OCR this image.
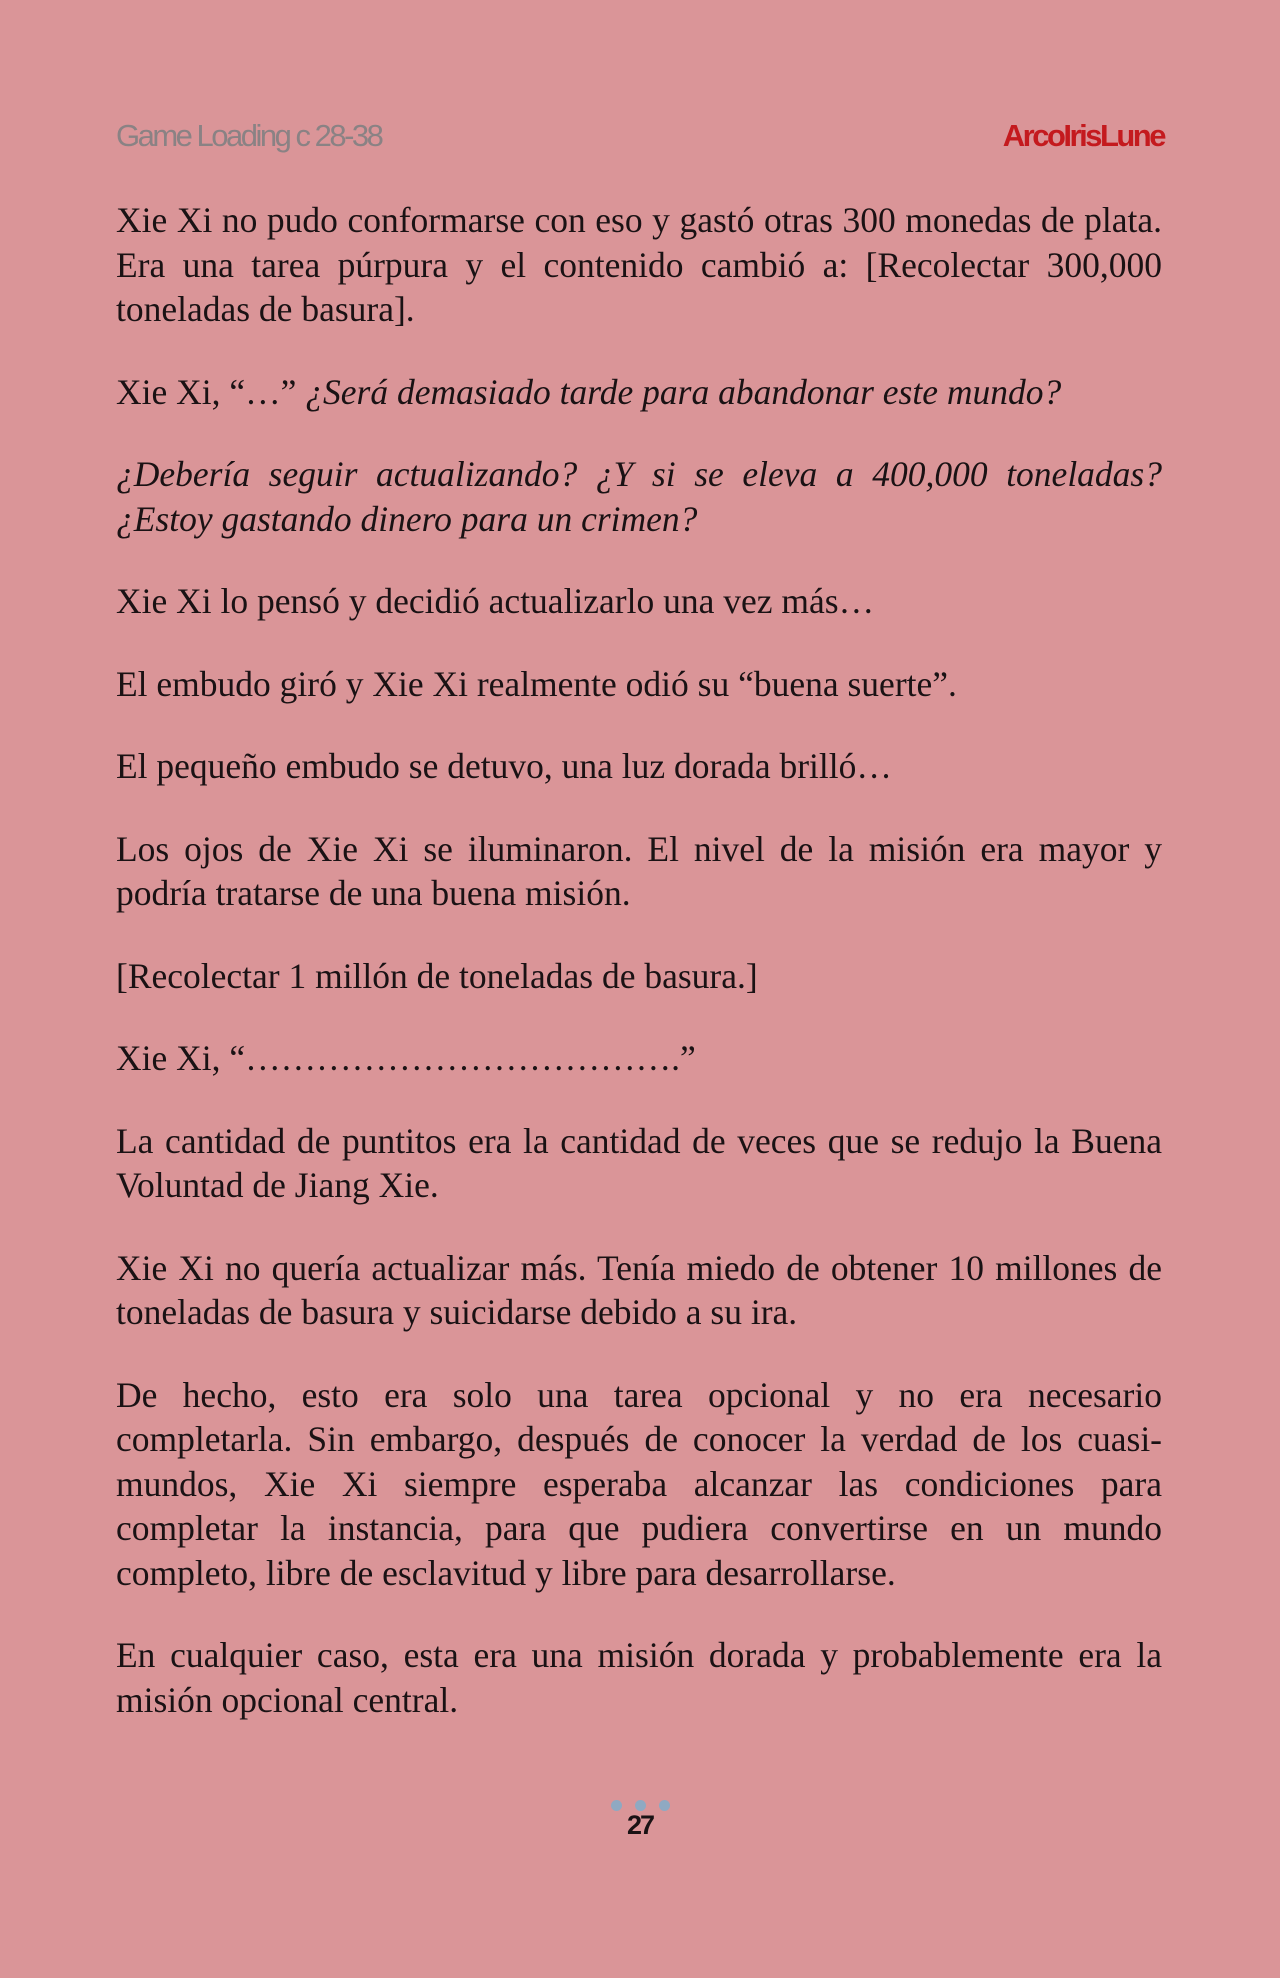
Game Loading c 28-38	ArcoIrisLune

Xie Xi no pudo conformarse con eso y gastó otras 300 monedas de plata. Era una tarea púrpura y el contenido cambió a: [Recolectar 300,000 toneladas de basura].

Xie Xi, “…” ¿Será demasiado tarde para abandonar este mundo?

¿Debería seguir actualizando? ¿Y si se eleva a 400,000 toneladas? ¿Estoy gastando dinero para un crimen?

Xie Xi lo pensó y decidió actualizarlo una vez más…

El embudo giró y Xie Xi realmente odió su “buena suerte”.

El pequeño embudo se detuvo, una luz dorada brilló…

Los ojos de Xie Xi se iluminaron. El nivel de la misión era mayor y podría tratarse de una buena misión.

[Recolectar 1 millón de toneladas de basura.]

Xie Xi, “……………………………….”

La cantidad de puntitos era la cantidad de veces que se redujo la Buena Voluntad de Jiang Xie.

Xie Xi no quería actualizar más. Tenía miedo de obtener 10 millones de toneladas de basura y suicidarse debido a su ira.

De hecho, esto era solo una tarea opcional y no era necesario completarla. Sin embargo, después de conocer la verdad de los cuasi-mundos, Xie Xi siempre esperaba alcanzar las condiciones para completar la instancia, para que pudiera convertirse en un mundo completo, libre de esclavitud y libre para desarrollarse.

En cualquier caso, esta era una misión dorada y probablemente era la misión opcional central.

27
